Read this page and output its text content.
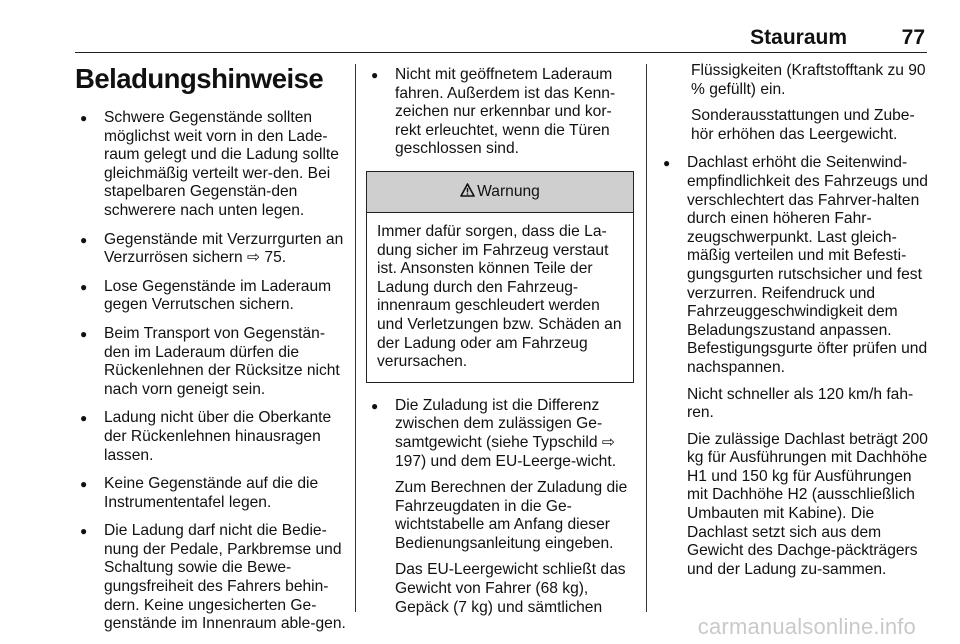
Stauraum	77
Beladungshinweise
● Schwere Gegenstände sollten möglichst weit vorn in den Lade-raum gelegt und die Ladung sollte gleichmäßig verteilt wer-den. Bei stapelbaren Gegenstän-den schwerere nach unten legen.
● Gegenstände mit Verzurrgurten an Verzurrösen sichern ⇨ 75.
● Lose Gegenstände im Laderaum gegen Verrutschen sichern.
● Beim Transport von Gegenstän-den im Laderaum dürfen die Rückenlehnen der Rücksitze nicht nach vorn geneigt sein.
● Ladung nicht über die Oberkante der Rückenlehnen hinausragen lassen.
● Keine Gegenstände auf die die Instrumententafel legen.
● Die Ladung darf nicht die Bedie-nung der Pedale, Parkbremse und Schaltung sowie die Bewe-gungsfreiheit des Fahrers behin-dern. Keine ungesicherten Ge-genstände im Innenraum able-gen.
● Nicht mit geöffnetem Laderaum fahren. Außerdem ist das Kenn-zeichen nur erkennbar und kor-rekt erleuchtet, wenn die Türen geschlossen sind.
Warnung
Immer dafür sorgen, dass die La-dung sicher im Fahrzeug verstaut ist. Ansonsten können Teile der Ladung durch den Fahrzeug-innenraum geschleudert werden und Verletzungen bzw. Schäden an der Ladung oder am Fahrzeug verursachen.
● Die Zuladung ist die Differenz zwischen dem zulässigen Ge-samtgewicht (siehe Typschild ⇨ 197) und dem EU-Leerge-wicht.
Zum Berechnen der Zuladung die Fahrzeugdaten in die Ge-wichtstabelle am Anfang dieser Bedienungsanleitung eingeben.
Das EU-Leergewicht schließt das Gewicht von Fahrer (68 kg), Gepäck (7 kg) und sämtlichen
Flüssigkeiten (Kraftstofftank zu 90 % gefüllt) ein.
Sonderausstattungen und Zube-hör erhöhen das Leergewicht.
● Dachlast erhöht die Seitenwind-empfindlichkeit des Fahrzeugs und verschlechtert das Fahrver-halten durch einen höheren Fahr-zeugschwerpunkt. Last gleich-mäßig verteilen und mit Befesti-gungsgurten rutschsicher und fest verzurren. Reifendruck und Fahrzeuggeschwindigkeit dem Beladungszustand anpassen. Befestigungsgurte öfter prüfen und nachspannen.
Nicht schneller als 120 km/h fah-ren.
Die zulässige Dachlast beträgt 200 kg für Ausführungen mit Dachhöhe H1 und 150 kg für Ausführungen mit Dachhöhe H2 (ausschließlich Umbauten mit Kabine). Die Dachlast setzt sich aus dem Gewicht des Dachge-päckträgers und der Ladung zu-sammen.
carmanualsonline.info
